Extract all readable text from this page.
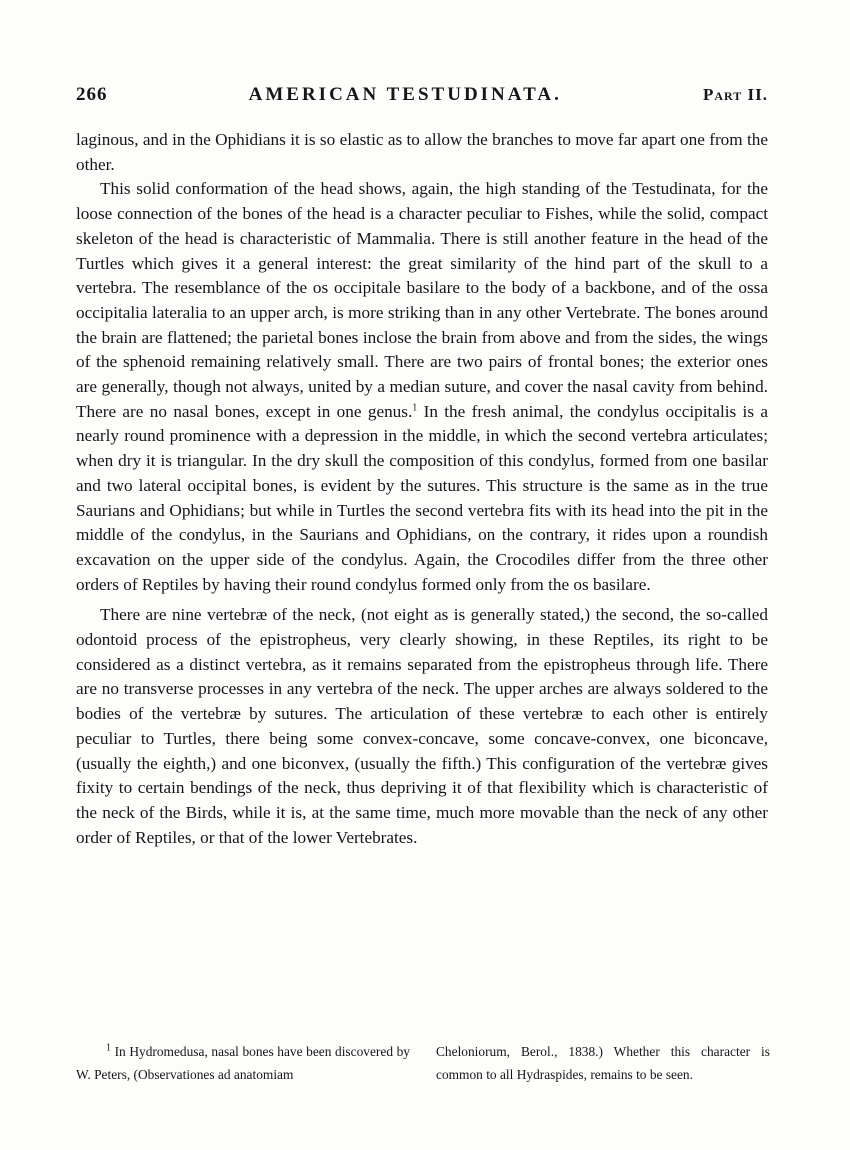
266	AMERICAN TESTUDINATA.	Part II.

laginous, and in the Ophidians it is so elastic as to allow the branches to move far apart one from the other.

This solid conformation of the head shows, again, the high standing of the Testudinata, for the loose connection of the bones of the head is a character peculiar to Fishes, while the solid, compact skeleton of the head is characteristic of Mammalia. There is still another feature in the head of the Turtles which gives it a general interest: the great similarity of the hind part of the skull to a vertebra. The resemblance of the os occipitale basilare to the body of a backbone, and of the ossa occipitalia lateralia to an upper arch, is more striking than in any other Vertebrate. The bones around the brain are flattened; the parietal bones inclose the brain from above and from the sides, the wings of the sphenoid remaining relatively small. There are two pairs of frontal bones; the exterior ones are generally, though not always, united by a median suture, and cover the nasal cavity from behind. There are no nasal bones, except in one genus.$^1$ In the fresh animal, the condylus occipitalis is a nearly round prominence with a depression in the middle, in which the second vertebra articulates; when dry it is triangular. In the dry skull the composition of this condylus, formed from one basilar and two lateral occipital bones, is evident by the sutures. This structure is the same as in the true Saurians and Ophidians; but while in Turtles the second vertebra fits with its head into the pit in the middle of the condylus, in the Saurians and Ophidians, on the contrary, it rides upon a roundish excavation on the upper side of the condylus. Again, the Crocodiles differ from the three other orders of Reptiles by having their round condylus formed only from the os basilare.

There are nine vertebræ of the neck, (not eight as is generally stated,) the second, the so-called odontoid process of the epistropheus, very clearly showing, in these Reptiles, its right to be considered as a distinct vertebra, as it remains separated from the epistropheus through life. There are no transverse processes in any vertebra of the neck. The upper arches are always soldered to the bodies of the vertebræ by sutures. The articulation of these vertebræ to each other is entirely peculiar to Turtles, there being some convex-concave, some concave-convex, one biconcave, (usually the eighth,) and one biconvex, (usually the fifth.) This configuration of the vertebræ gives fixity to certain bendings of the neck, thus depriving it of that flexibility which is characteristic of the neck of the Birds, while it is, at the same time, much more movable than the neck of any other order of Reptiles, or that of the lower Vertebrates.

$^1$ In Hydromedusa, nasal bones have been discovered by W. Peters, (Observationes ad anatomiam

Cheloniorum, Berol., 1838.) Whether this character is common to all Hydraspides, remains to be seen.
